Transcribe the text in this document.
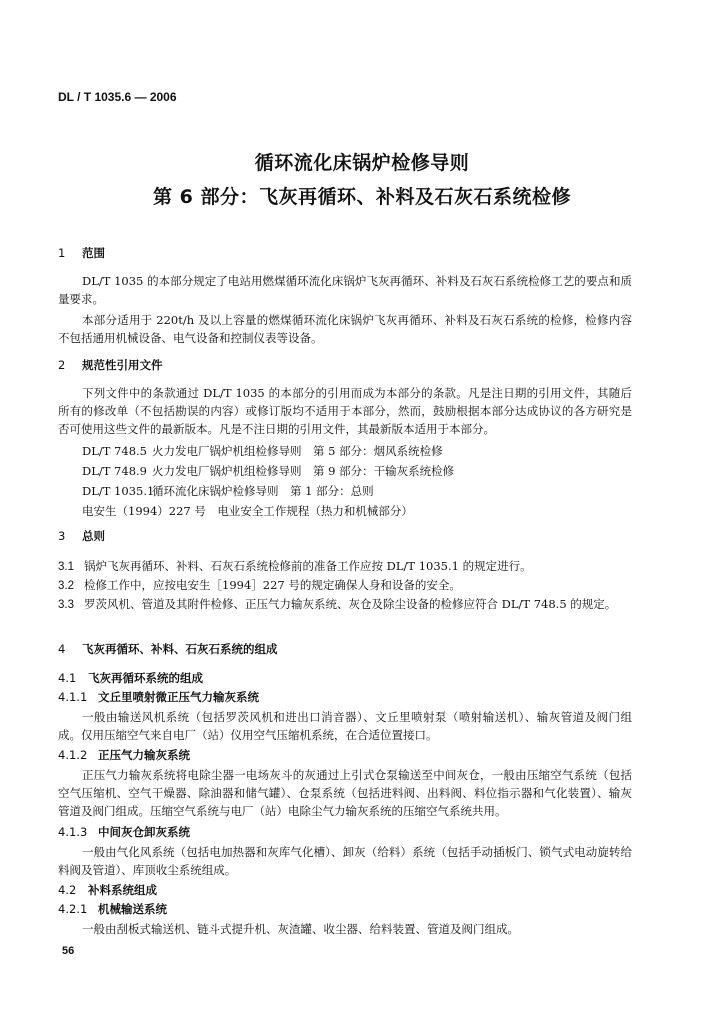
DL / T 1035.6 — 2006
循环流化床锅炉检修导则
第 6 部分：飞灰再循环、补料及石灰石系统检修
1 范围
DL/T 1035 的本部分规定了电站用燃煤循环流化床锅炉飞灰再循环、补料及石灰石系统检修工艺的要点和质量要求。
本部分适用于 220t/h 及以上容量的燃煤循环流化床锅炉飞灰再循环、补料及石灰石系统的检修，检修内容不包括通用机械设备、电气设备和控制仪表等设备。
2 规范性引用文件
下列文件中的条款通过 DL/T 1035 的本部分的引用而成为本部分的条款。凡是注日期的引用文件，其随后所有的修改单（不包括勘误的内容）或修订版均不适用于本部分，然而，鼓励根据本部分达成协议的各方研究是否可使用这些文件的最新版本。凡是不注日期的引用文件，其最新版本适用于本部分。
DL/T 748.5 火力发电厂锅炉机组检修导则　第 5 部分：烟风系统检修
DL/T 748.9 火力发电厂锅炉机组检修导则　第 9 部分：干输灰系统检修
DL/T 1035.1循环流化床锅炉检修导则　第 1 部分：总则
电安生（1994）227 号　 电业安全工作规程（热力和机械部分）
3 总则
3.1 锅炉飞灰再循环、补料、石灰石系统检修前的准备工作应按 DL/T 1035.1 的规定进行。
3.2 检修工作中，应按电安生［1994］227 号的规定确保人身和设备的安全。
3.3 罗茨风机、管道及其附件检修、正压气力输灰系统、灰仓及除尘设备的检修应符合 DL/T 748.5 的规定。
4 飞灰再循环、补料、石灰石系统的组成
4.1 飞灰再循环系统的组成
4.1.1 文丘里喷射微正压气力输灰系统
一般由输送风机系统（包括罗茨风机和进出口消音器）、文丘里喷射泵（喷射输送机）、输灰管道及阀门组成。仅用压缩空气来自电厂（站）仪用空气压缩机系统，在合适位置接口。
4.1.2 正压气力输灰系统
正压气力输灰系统将电除尘器一电场灰斗的灰通过上引式仓泵输送至中间灰仓，一般由压缩空气系统（包括空气压缩机、空气干燥器、除油器和储气罐）、仓泵系统（包括进料阀、出料阀、料位指示器和气化装置）、输灰管道及阀门组成。压缩空气系统与电厂（站）电除尘气力输灰系统的压缩空气系统共用。
4.1.3 中间灰仓卸灰系统
一般由气化风系统（包括电加热器和灰库气化槽）、卸灰（给料）系统（包括手动插板门、锁气式电动旋转给料阀及管道）、库顶收尘系统组成。
4.2 补料系统组成
4.2.1 机械输送系统
一般由刮板式输送机、链斗式提升机、灰渣罐、收尘器、给料装置、管道及阀门组成。
56
